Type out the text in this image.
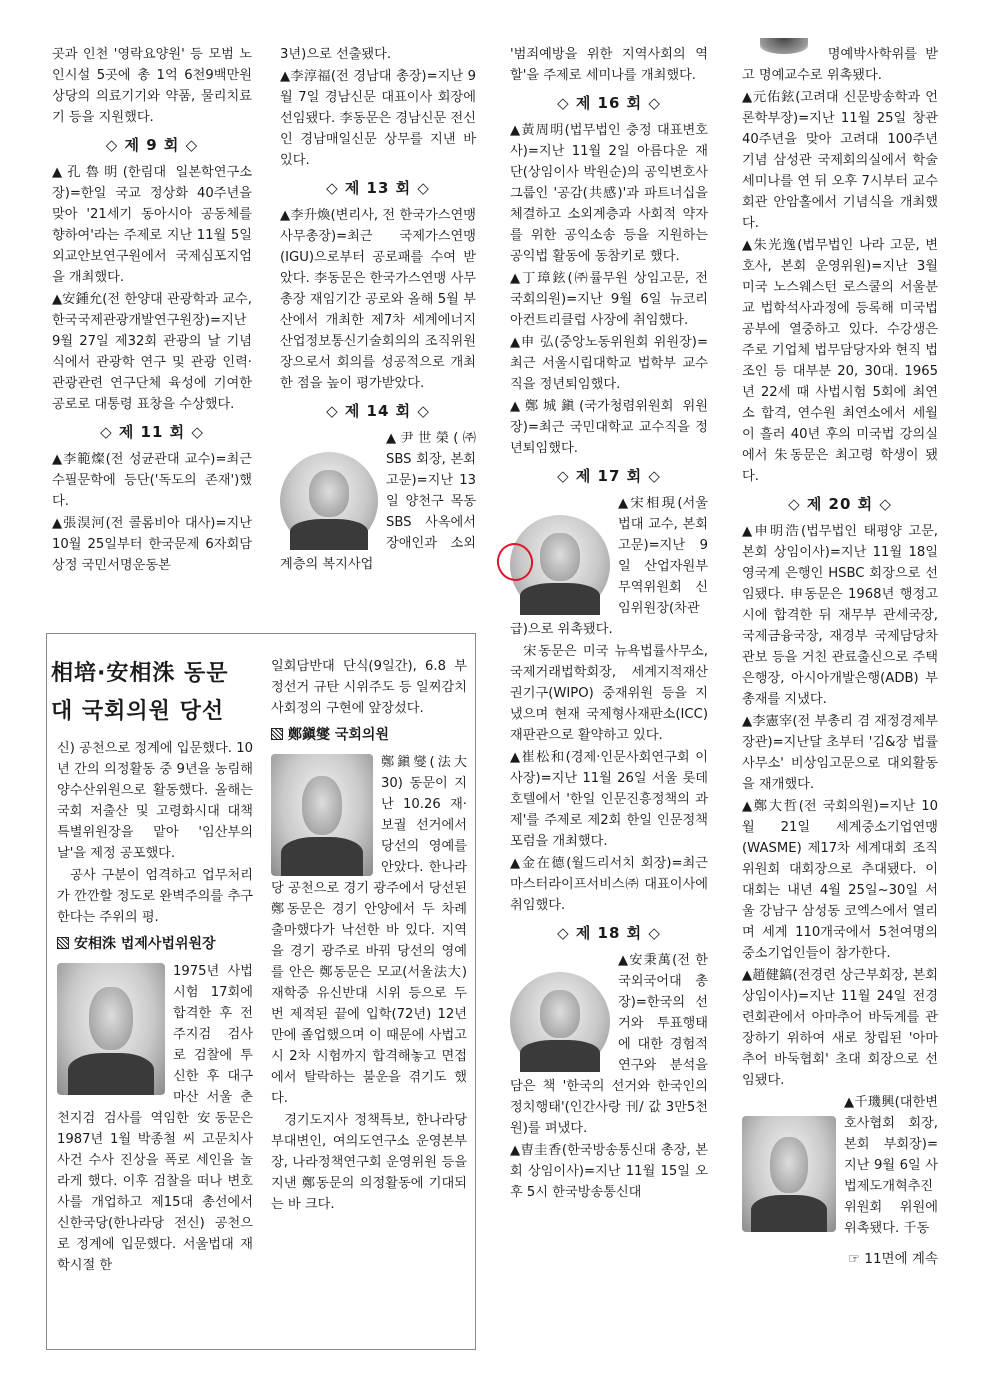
곳과 인천 '영락요양원' 등 모범 노인시설 5곳에 총 1억 6천9백만원 상당의 의료기기와 약품, 물리치료기 등을 지원했다.

◇ 제 9 회 ◇

▲孔魯明(한림대 일본학연구소장)=한일 국교 정상화 40주년을 맞아 '21세기 동아시아 공동체를 향하여'라는 주제로 지난 11월 5일 외교안보연구원에서 국제심포지엄을 개최했다.

▲安鍾允(전 한양대 관광학과 교수, 한국국제관광개발연구원장)=지난 9월 27일 제32회 관광의 날 기념식에서 관광학 연구 및 관광 인력·관광관련 연구단체 육성에 기여한 공로로 대통령 표창을 수상했다.

◇ 제 11 회 ◇

▲李範燦(전 성균관대 교수)=최근 수필문학에 등단('독도의 존재')했다.

▲張淏河(전 콜롬비아 대사)=지난 10월 25일부터 한국문제 6자회담 상정 국민서명운동본

3년)으로 선출됐다.

▲李淳福(전 경남대 총장)=지난 9월 7일 경남신문 대표이사 회장에 선임됐다. 李동문은 경남신문 전신인 경남매일신문 상무를 지낸 바 있다.

◇ 제 13 회 ◇

▲李升煥(변리사, 전 한국가스연맹 사무총장)=최근 국제가스연맹(IGU)으로부터 공로패를 수여 받았다. 李동문은 한국가스연맹 사무총장 재임기간 공로와 올해 5월 부산에서 개최한 제7차 세계에너지산업정보통신기술회의의 조직위원장으로서 회의를 성공적으로 개최한 점을 높이 평가받았다.

◇ 제 14 회 ◇

▲尹世榮(㈜SBS 회장, 본회 고문)=지난 13일 양천구 목동 SBS 사옥에서 장애인과 소외계층의 복지사업

'범죄예방을 위한 지역사회의 역할'을 주제로 세미나를 개최했다.

◇ 제 16 회 ◇

▲黃周明(법무법인 충정 대표변호사)=지난 11월 2일 아름다운 재단(상임이사 박원순)의 공익변호사 그룹인 '공감(共感)'과 파트너십을 체결하고 소외계층과 사회적 약자를 위한 공익소송 등을 지원하는 공익법 활동에 동참키로 했다.

▲丁璋鉉(㈜률무원 상임고문, 전 국회의원)=지난 9월 6일 뉴코리아컨트리클럽 사장에 취임했다.

▲申 弘(중앙노동위원회 위원장)=최근 서울시립대학교 법학부 교수직을 정년퇴임했다.

▲鄭城鎭(국가청렴위원회 위원장)=최근 국민대학교 교수직을 정년퇴임했다.

◇ 제 17 회 ◇

▲宋相現(서울법대 교수, 본회 고문)=지난 9일 산업자원부 무역위원회 신임위원장(차관급)으로 위촉됐다.

宋동문은 미국 뉴욕법률사무소, 국제거래법학회장, 세계지적재산권기구(WIPO) 중재위원 등을 지냈으며 현재 국제형사재판소(ICC) 재판관으로 활약하고 있다.

▲崔松和(경제·인문사회연구회 이사장)=지난 11월 26일 서울 롯데호텔에서 '한일 인문진흥정책의 과제'를 주제로 제2회 한일 인문정책포럼을 개최했다.

▲金在德(월드리서치 회장)=최근 마스터라이프서비스㈜ 대표이사에 취임했다.

◇ 제 18 회 ◇

▲安秉萬(전 한국외국어대 총장)=한국의 선거와 투표행태에 대한 경험적 연구와 분석을 담은 책 '한국의 선거와 한국인의 정치행태'(인간사랑 刊/ 값 3만5천원)를 펴냈다.

▲曺圭香(한국방송통신대 총장, 본회 상임이사)=지난 11월 15일 오후 5시 한국방송통신대

명예박사학위를 받고 명예교수로 위촉됐다.

▲元佑鉉(고려대 신문방송학과 언론학부장)=지난 11월 25일 창관 40주년을 맞아 고려대 100주년 기념 삼성관 국제회의실에서 학술세미나를 연 뒤 오후 7시부터 교수회관 안암홀에서 기념식을 개최했다.

▲朱光逸(법무법인 나라 고문, 변호사, 본회 운영위원)=지난 3월 미국 노스웨스턴 로스쿨의 서울분교 법학석사과정에 등록해 미국법 공부에 열중하고 있다. 수강생은 주로 기업체 법무담당자와 현직 법조인 등 대부분 20, 30대. 1965년 22세 때 사법시험 5회에 최연소 합격, 연수원 최연소에서 세월이 흘러 40년 후의 미국법 강의실에서 朱동문은 최고령 학생이 됐다.

◇ 제 20 회 ◇

▲申明浩(법무법인 태평양 고문, 본회 상임이사)=지난 11월 18일 영국계 은행인 HSBC 회장으로 선임됐다. 申동문은 1968년 행정고시에 합격한 뒤 재무부 관세국장, 국제금융국장, 재경부 국제담당차관보 등을 거친 관료출신으로 주택은행장, 아시아개발은행(ADB) 부총재를 지냈다.

▲李憲宰(전 부총리 겸 재정경제부 장관)=지난달 초부터 '김&장 법률사무소' 비상임고문으로 대외활동을 재개했다.

▲鄭大哲(전 국회의원)=지난 10월 21일 세계중소기업연맹(WASME) 제17차 세계대회 조직위원회 대회장으로 추대됐다. 이 대회는 내년 4월 25일~30일 서울 강남구 삼성동 코엑스에서 열리며 세계 110개국에서 5천여명의 중소기업인들이 참가한다.

▲趙健鎬(전경련 상근부회장, 본회 상임이사)=지난 11월 24일 전경련회관에서 아마추어 바둑계를 관장하기 위하여 새로 창립된 '아마추어 바둑협회' 초대 회장으로 선임됐다.

▲千璣興(대한변호사협회 회장, 본회 부회장)=지난 9월 6일 사법제도개혁추진위원회 위원에 위촉됐다. 千동

☞ 11면에 계속
相培·安相洙 동문
대 국회의원 당선

신) 공천으로 정계에 입문했다. 10년 간의 의정활동 중 9년을 농림해양수산위원으로 활동했다. 올해는 국회 저출산 및 고령화시대 대책 특별위원장을 맡아 '임산부의 날'을 제정 공포했다.

공사 구분이 엄격하고 업무처리가 깐깐할 정도로 완벽주의를 추구한다는 주위의 평.

安相洙 법제사법위원장

1975년 사법시험 17회에 합격한 후 전주지검 검사로 검찰에 투신한 후 대구 마산 서울 춘천지검 검사를 역임한 安동문은 1987년 1월 박종철 씨 고문치사사건 수사 진상을 폭로 세인을 놀라게 했다. 이후 검찰을 떠나 변호사를 개업하고 제15대 총선에서 신한국당(한나라당 전신) 공천으로 정계에 입문했다. 서울법대 재학시절 한

일회담반대 단식(9일간), 6.8 부정선거 규탄 시위주도 등 일찌감치 사회정의 구현에 앞장섰다.

鄭鎭燮 국회의원

鄭鎭燮(法大30) 동문이 지난 10.26 재·보궐 선거에서 당선의 영예를 안았다. 한나라당 공천으로 경기 광주에서 당선된 鄭동문은 경기 안양에서 두 차례 출마했다가 낙선한 바 있다. 지역을 경기 광주로 바꿔 당선의 영예를 안은 鄭동문은 모교(서울法大) 재학중 유신반대 시위 등으로 두 번 제적된 끝에 입학(72년) 12년 만에 졸업했으며 이 때문에 사법고시 2차 시험까지 합격해놓고 면접에서 탈락하는 불운을 겪기도 했다.

경기도지사 정책특보, 한나라당 부대변인, 여의도연구소 운영본부장, 나라정책연구회 운영위원 등을 지낸 鄭동문의 의정활동에 기대되는 바 크다.
